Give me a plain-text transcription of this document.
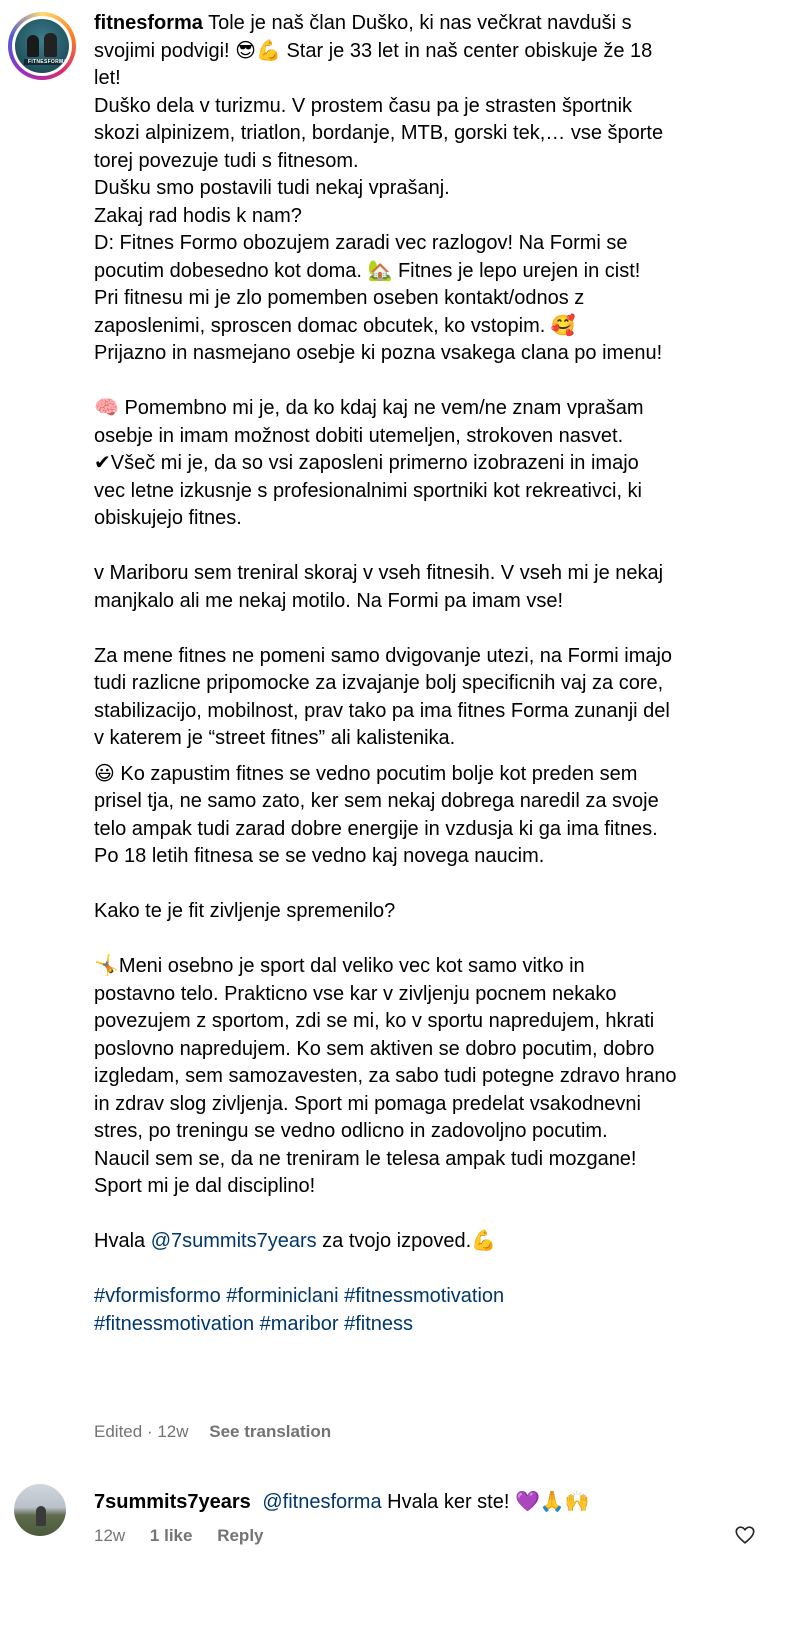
FITNESFORMA

fitnesforma Tole je naš član Duško, ki nas večkrat navduši s

svojimi podvigi! 😎💪 Star je 33 let in naš center obiskuje že 18

let!

Duško dela v turizmu. V prostem času pa je strasten športnik

skozi alpinizem, triatlon, bordanje, MTB, gorski tek,… vse športe

torej povezuje tudi s fitnesom.

Dušku smo postavili tudi nekaj vprašanj.

Zakaj rad hodis k nam?

D: Fitnes Formo obozujem zaradi vec razlogov! Na Formi se

pocutim dobesedno kot doma. 🏡 Fitnes je lepo urejen in cist!

Pri fitnesu mi je zlo pomemben oseben kontakt/odnos z

zaposlenimi, sproscen domac obcutek, ko vstopim. 🥰

Prijazno in nasmejano osebje ki pozna vsakega clana po imenu!

🧠 Pomembno mi je, da ko kdaj kaj ne vem/ne znam vprašam

osebje in imam možnost dobiti utemeljen, strokoven nasvet.

✔Všeč mi je, da so vsi zaposleni primerno izobrazeni in imajo

vec letne izkusnje s profesionalnimi sportniki kot rekreativci, ki

obiskujejo fitnes.

v Mariboru sem treniral skoraj v vseh fitnesih. V vseh mi je nekaj

manjkalo ali me nekaj motilo. Na Formi pa imam vse!

Za mene fitnes ne pomeni samo dvigovanje utezi, na Formi imajo

tudi razlicne pripomocke za izvajanje bolj specificnih vaj za core,

stabilizacijo, mobilnost, prav tako pa ima fitnes Forma zunanji del

v katerem je “street fitnes” ali kalistenika.

😃 Ko zapustim fitnes se vedno pocutim bolje kot preden sem

prisel tja, ne samo zato, ker sem nekaj dobrega naredil za svoje

telo ampak tudi zarad dobre energije in vzdusja ki ga ima fitnes.

Po 18 letih fitnesa se se vedno kaj novega naucim.

Kako te je fit zivljenje spremenilo?

🤸Meni osebno je sport dal veliko vec kot samo vitko in

postavno telo. Prakticno vse kar v zivljenju pocnem nekako

povezujem z sportom, zdi se mi, ko v sportu napredujem, hkrati

poslovno napredujem. Ko sem aktiven se dobro pocutim, dobro

izgledam, sem samozavesten, za sabo tudi potegne zdravo hrano

in zdrav slog zivljenja. Sport mi pomaga predelat vsakodnevni

stres, po treningu se vedno odlicno in zadovoljno pocutim.

Naucil sem se, da ne treniram le telesa ampak tudi mozgane!

Sport mi je dal disciplino!

Hvala @7summits7years za tvojo izpoved.💪

#vformisformo #forminiclani #fitnessmotivation

#fitnessmotivation #maribor #fitness

Edited · 12w See translation
7summits7years @fitnesforma Hvala ker ste! 💜🙏🙌
12w 1 like Reply
